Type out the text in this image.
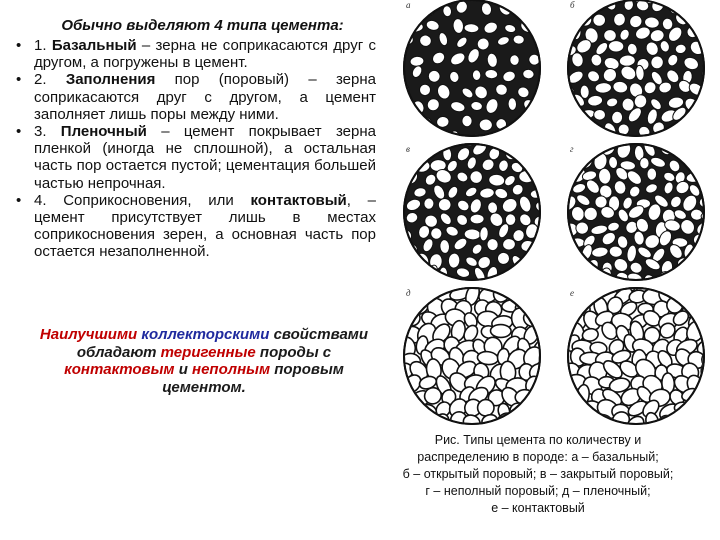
Обычно выделяют 4 типа цемента:
• 1. Базальный – зерна не соприкасаются друг с другом, а погружены в цемент.
• 2. Заполнения пор (поровый) – зерна соприкасаются друг с другом, а цемент заполняет лишь поры между ними.
• 3. Пленочный – цемент покрывает зерна пленкой (иногда не сплошной), а остальная часть пор остается пустой; цементация большей частью непрочная.
• 4. Соприкосновения, или контактовый, – цемент присутствует лишь в местах соприкосновения зерен, а основная часть пор остается незаполненной.
Наилучшими коллекторскими свойствами обладают теригенные породы с контактовым и неполным поровым цементом.
а	б
в	г
д	е
Рис. Типы цемента по количеству и
распределению в породе: а – базальный;
б – открытый поровый; в – закрытый поровый;
г – неполный поровый; д – пленочный;
е – контактовый
